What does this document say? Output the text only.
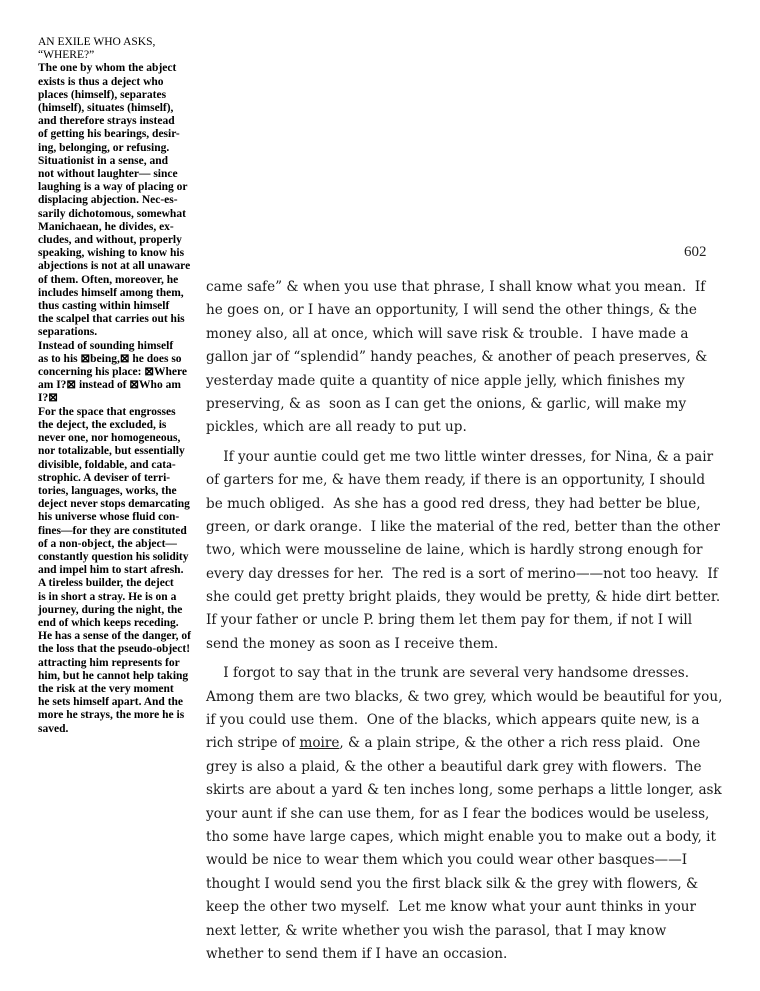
AN EXILE WHO ASKS,
“WHERE?”
The one by whom the abject
exists is thus a deject who
places (himself), separates
(himself), situates (himself),
and therefore strays instead
of getting his bearings, desir-
ing, belonging, or refusing.
Situationist in a sense, and
not without laughter— since
laughing is a way of placing or
displacing abjection. Nec-es-
sarily dichotomous, somewhat
Manichaean, he divides, ex-
cludes, and without, properly
speaking, wishing to know his
abjections is not at all unaware
of them. Often, moreover, he
includes himself among them,
thus casting within himself
the scalpel that carries out his
separations.
Instead of sounding himself
as to his ⊠being,⊠ he does so
concerning his place: ⊠Where
am I?⊠ instead of ⊠Who am I?⊠
For the space that engrosses
the deject, the excluded, is
never one, nor homogeneous,
nor totalizable, but essentially
divisible, foldable, and cata-
strophic. A deviser of terri-
tories, languages, works, the
deject never stops demarcating
his universe whose fluid con-
fines—for they are constituted
of a non-object, the abject—
constantly question his solidity
and impel him to start afresh.
A tireless builder, the deject
is in short a stray. He is on a
journey, during the night, the
end of which keeps receding.
He has a sense of the danger, of
the loss that the pseudo-object!
attracting him represents for
him, but he cannot help taking
the risk at the very moment
he sets himself apart. And the
more he strays, the more he is
saved.
602
came safe” & when you use that phrase, I shall know what you mean.  If
he goes on, or I have an opportunity, I will send the other things, & the
money also, all at once, which will save risk & trouble.  I have made a
gallon jar of “splendid” handy peaches, & another of peach preserves, &
yesterday made quite a quantity of nice apple jelly, which finishes my
preserving, & as  soon as I can get the onions, & garlic, will make my
pickles, which are all ready to put up.
If your auntie could get me two little winter dresses, for Nina, & a pair
of garters for me, & have them ready, if there is an opportunity, I should
be much obliged.  As she has a good red dress, they had better be blue,
green, or dark orange.  I like the material of the red, better than the other
two, which were mousseline de laine, which is hardly strong enough for
every day dresses for her.  The red is a sort of merino——not too heavy.  If
she could get pretty bright plaids, they would be pretty, & hide dirt better.
If your father or uncle P. bring them let them pay for them, if not I will
send the money as soon as I receive them.
I forgot to say that in the trunk are several very handsome dresses.
Among them are two blacks, & two grey, which would be beautiful for you,
if you could use them.  One of the blacks, which appears quite new, is a
rich stripe of moire, & a plain stripe, & the other a rich ress plaid.  One
grey is also a plaid, & the other a beautiful dark grey with flowers.  The
skirts are about a yard & ten inches long, some perhaps a little longer, ask
your aunt if she can use them, for as I fear the bodices would be useless,
tho some have large capes, which might enable you to make out a body, it
would be nice to wear them which you could wear other basques——I
thought I would send you the first black silk & the grey with flowers, &
keep the other two myself.  Let me know what your aunt thinks in your
next letter, & write whether you wish the parasol, that I may know
whether to send them if I have an occasion.
